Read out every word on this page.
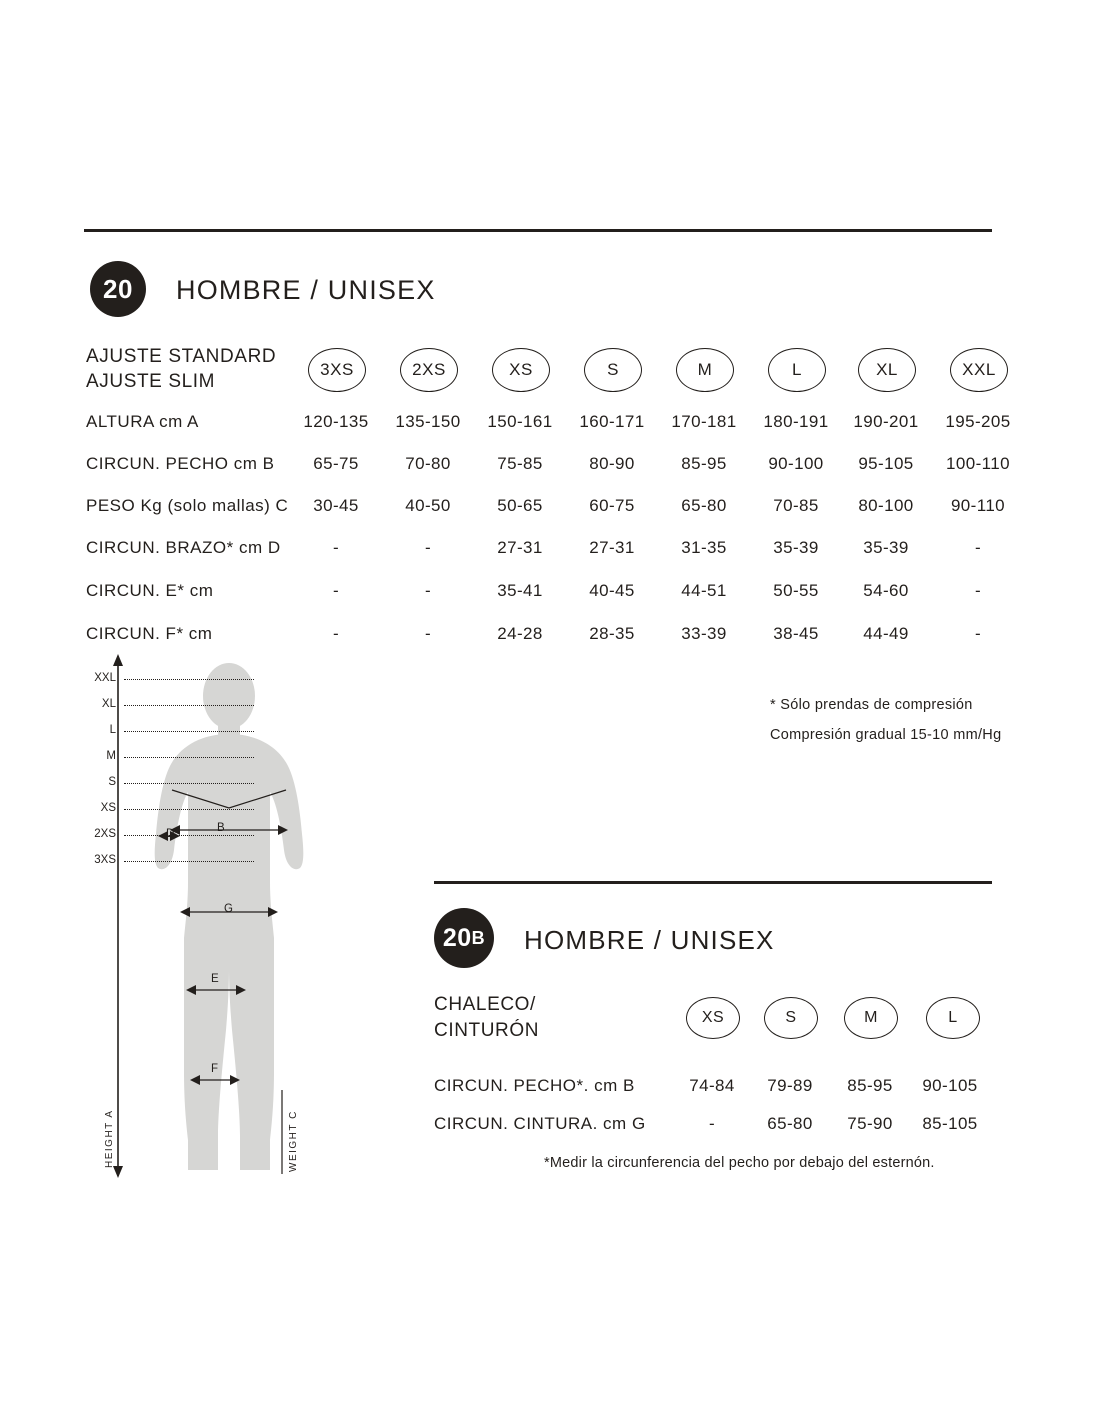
20 HOMBRE / UNISEX
AJUSTE STANDARD
AJUSTE SLIM
3XS	2XS	XS	S	M	L	XL	XXL
ALTURA cm A	120-135	135-150	150-161	160-171	170-181	180-191	190-201	195-205
CIRCUN. PECHO cm B	65-75	70-80	75-85	80-90	85-95	90-100	95-105	100-110
PESO Kg (solo mallas) C	30-45	40-50	50-65	60-75	65-80	70-85	80-100	90-110
CIRCUN. BRAZO* cm D	-	-	27-31	27-31	31-35	35-39	35-39	-
CIRCUN. E* cm	-	-	35-41	40-45	44-51	50-55	54-60	-
CIRCUN. F* cm	-	-	24-28	28-35	33-39	38-45	44-49	-
* Sólo prendas de compresión
Compresión gradual 15-10 mm/Hg
XXL
XL
L
M
S
XS
2XS
3XS
D	B
G
E
F
HEIGHT A	WEIGHT C
20 B HOMBRE / UNISEX
CHALECO/
CINTURÓN
XS	S	M	L
CIRCUN. PECHO*. cm B	74-84	79-89	85-95	90-105
CIRCUN. CINTURA. cm G	-	65-80	75-90	85-105
*Medir la circunferencia del pecho por debajo del esternón.
